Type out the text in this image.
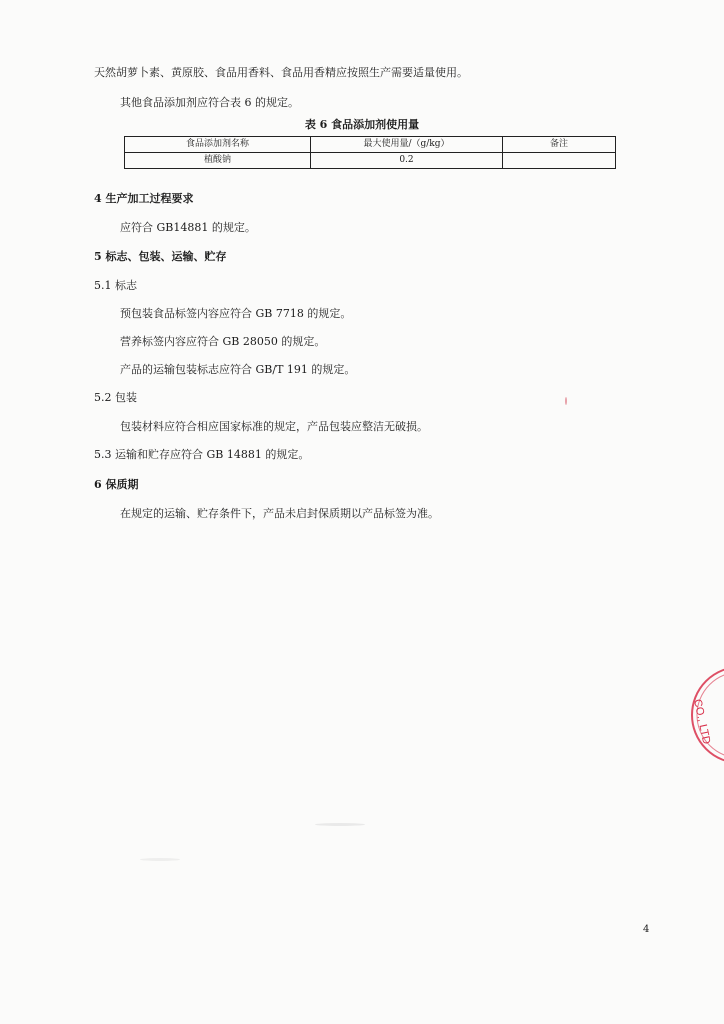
天然胡萝卜素、黄原胶、食品用香料、食品用香精应按照生产需要适量使用。
其他食品添加剂应符合表 6 的规定。
表 6 食品添加剂使用量
食品添加剂名称	最大使用量/（g/kg）	备注
植酸钠	0.2	
4 生产加工过程要求
应符合 GB14881 的规定。
5 标志、包装、运输、贮存
5.1 标志
预包装食品标签内容应符合 GB 7718 的规定。
营养标签内容应符合 GB 28050 的规定。
产品的运输包装标志应符合 GB/T 191 的规定。
5.2 包装
包装材料应符合相应国家标准的规定，产品包装应整洁无破损。
5.3 运输和贮存应符合 GB 14881 的规定。
6 保质期
在规定的运输、贮存条件下，产品未启封保质期以产品标签为准。
CO., LTD
4
